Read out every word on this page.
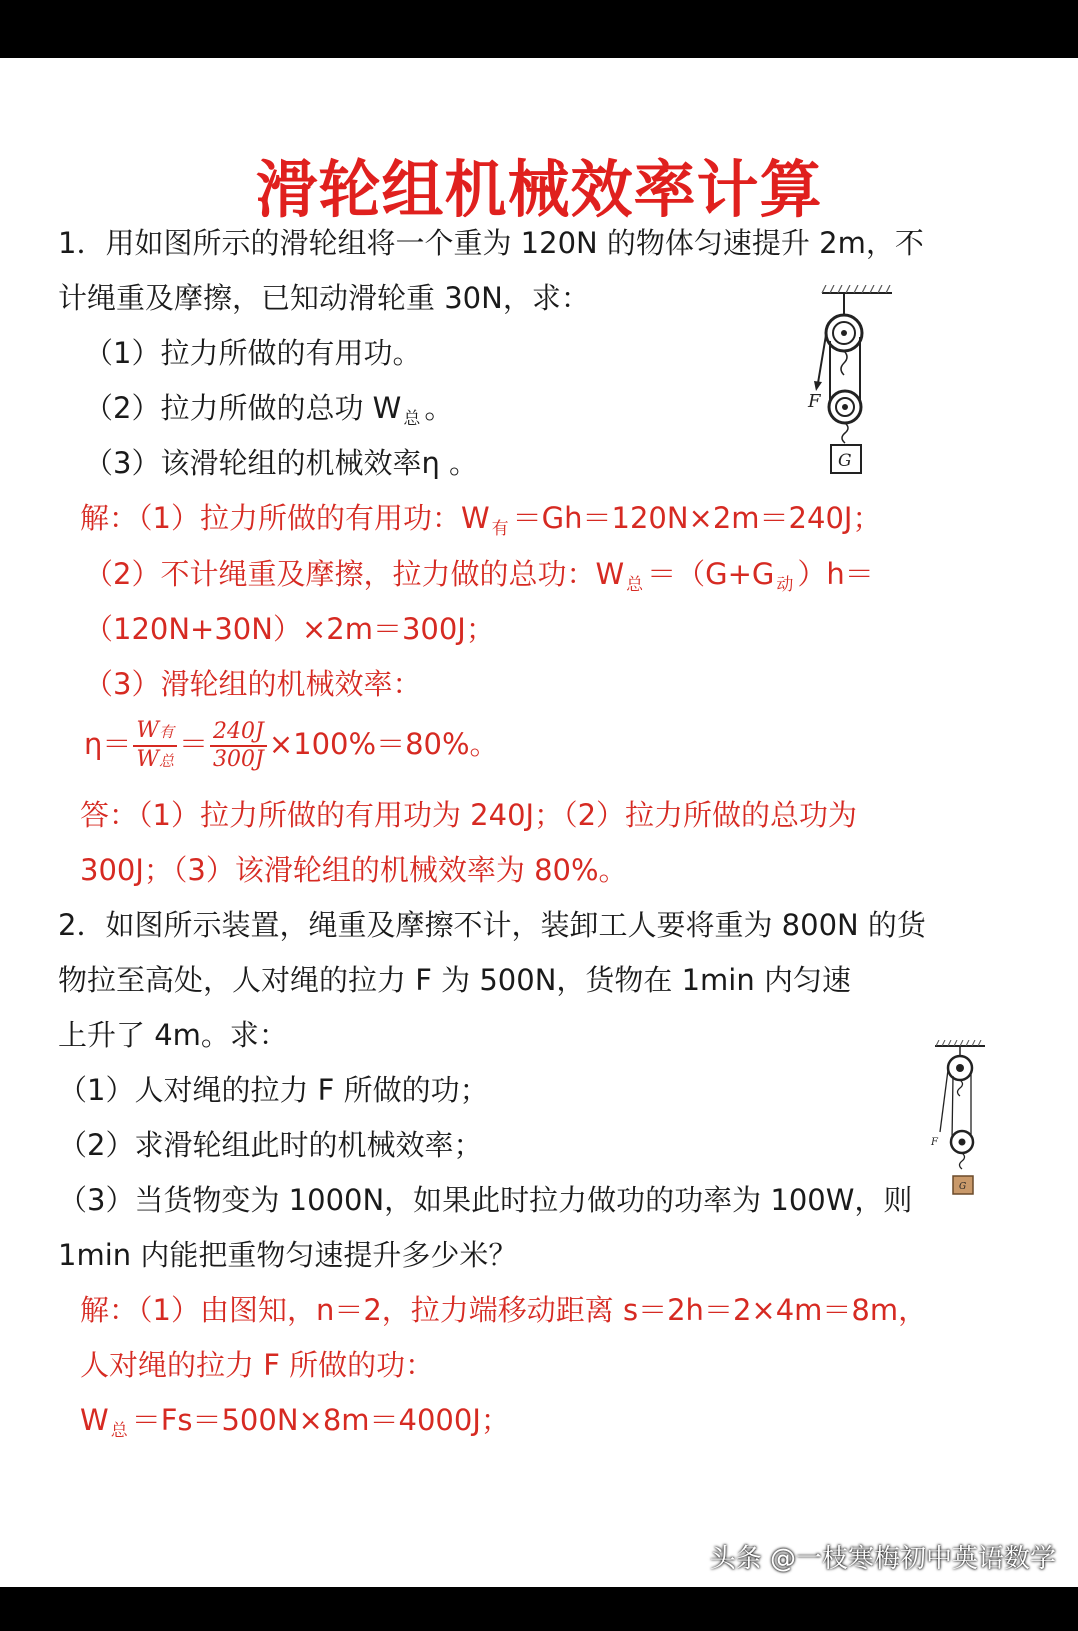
滑轮组机械效率计算
1．用如图所示的滑轮组将一个重为 120N 的物体匀速提升 2m，不
计绳重及摩擦，已知动滑轮重 30N，求：
（1）拉力所做的有用功。
（2）拉力所做的总功 W $_总$ 。
（3）该滑轮组的机械效率η 。
F
G
解：（1）拉力所做的有用功：W $_有$ ＝Gh＝120N×2m＝240J；
（2）不计绳重及摩擦，拉力做的总功：W $_总$ ＝（G+G $_动$ ）h＝
（120N+30N）×2m＝300J；
（3）滑轮组的机械效率：
$\eta= \frac{\text{W有}}{\text{W总}} = \frac{240J}{300J} \times 100\%=80\%$。
答：（1）拉力所做的有用功为 240J；（2）拉力所做的总功为
300J；（3）该滑轮组的机械效率为 80%。
2．如图所示装置，绳重及摩擦不计，装卸工人要将重为 800N 的货
物拉至高处，人对绳的拉力 F 为 500N，货物在 1min 内匀速
上升了 4m。求：
（1）人对绳的拉力 F 所做的功；
（2）求滑轮组此时的机械效率；
（3）当货物变为 1000N，如果此时拉力做功的功率为 100W，则
1min 内能把重物匀速提升多少米？
F
G
解：（1）由图知，n＝2，拉力端移动距离 s＝2h＝2×4m＝8m，
人对绳的拉力 F 所做的功：
W $_总$ ＝Fs＝500N×8m＝4000J；
头条 @一枝寒梅初中英语数学
